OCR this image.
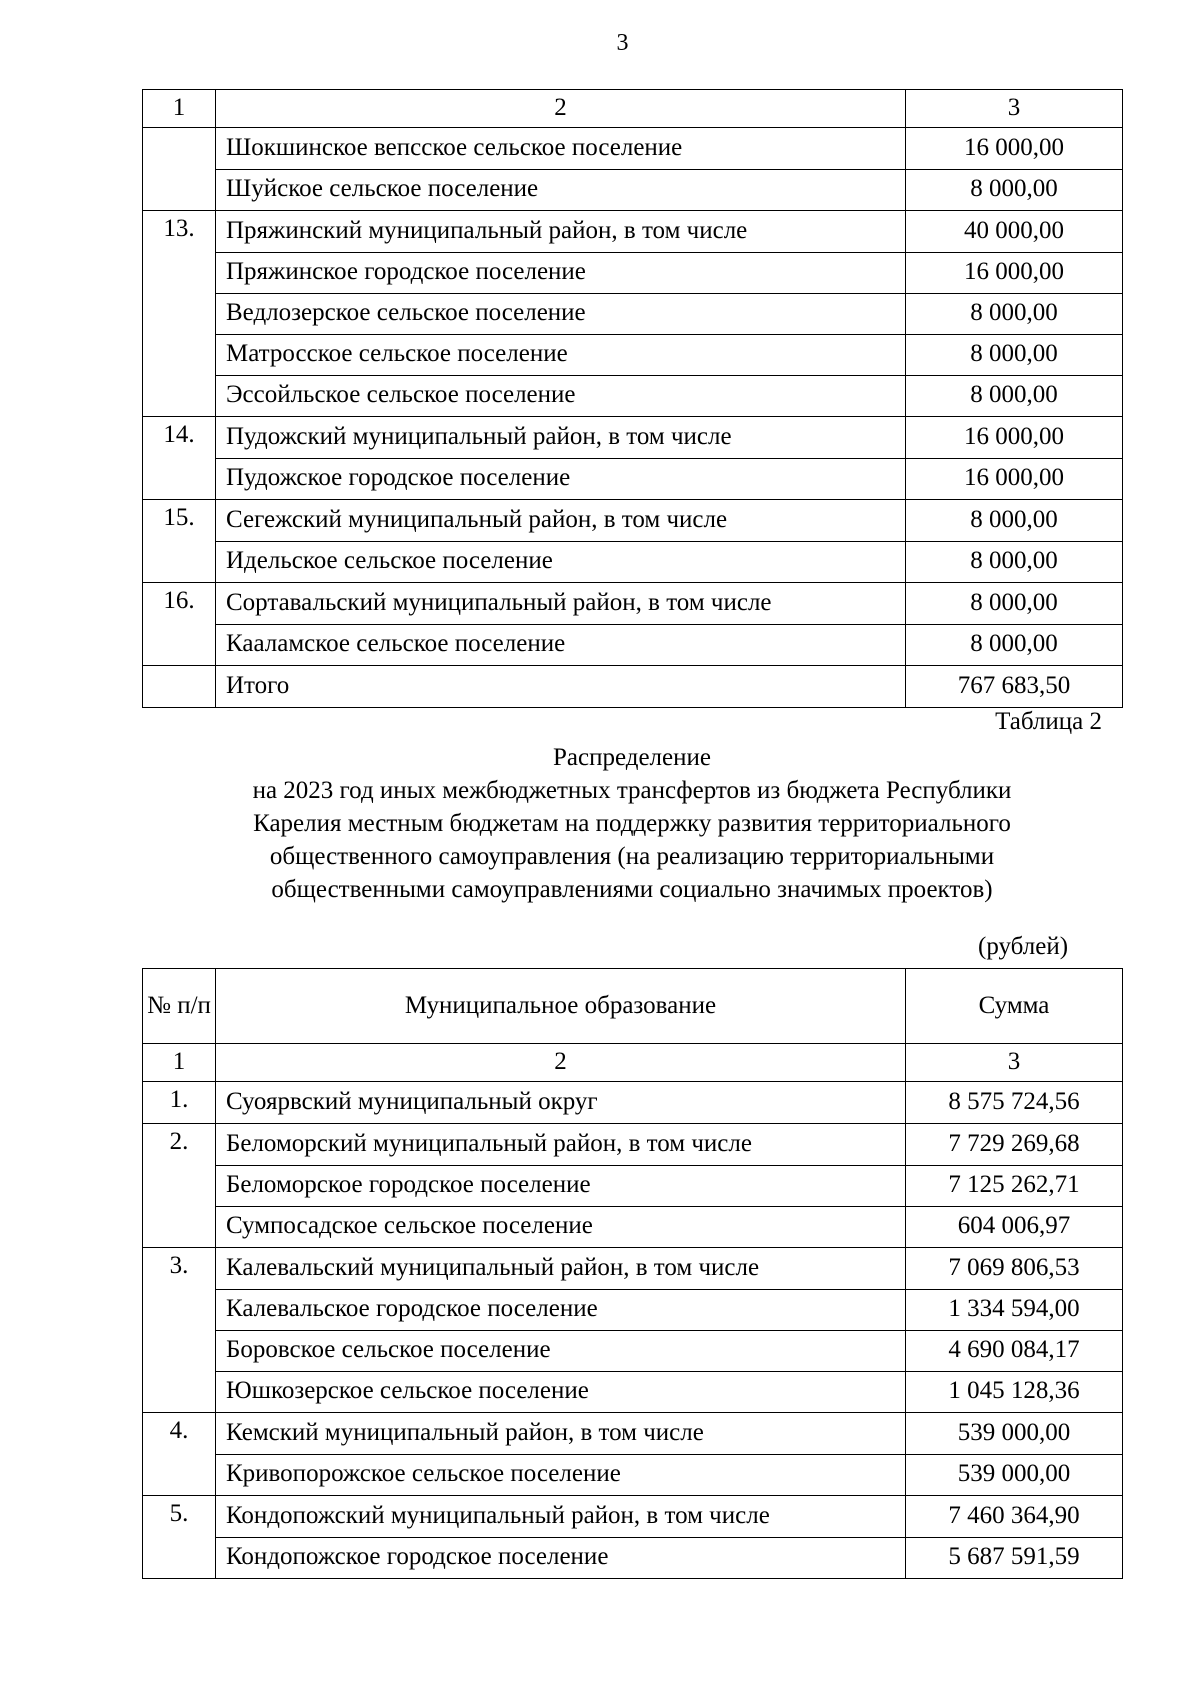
3
1	2	3
	Шокшинское вепсское сельское поселение	16 000,00
	Шуйское сельское поселение	8 000,00
13.	Пряжинский муниципальный район, в том числе	40 000,00
	Пряжинское городское поселение	16 000,00
	Ведлозерское сельское поселение	8 000,00
	Матросское сельское поселение	8 000,00
	Эссойльское сельское поселение	8 000,00
14.	Пудожский муниципальный район, в том числе	16 000,00
	Пудожское городское поселение	16 000,00
15.	Сегежский муниципальный район, в том числе	8 000,00
	Идельское сельское поселение	8 000,00
16.	Сортавальский муниципальный район, в том числе	8 000,00
	Кааламское сельское поселение	8 000,00
	Итого	767 683,50
Таблица 2
Распределение
на 2023 год иных межбюджетных трансфертов из бюджета Республики
Карелия местным бюджетам на поддержку развития территориального
общественного самоуправления (на реализацию территориальными
общественными самоуправлениями социально значимых проектов)
(рублей)
№ п/п	Муниципальное образование	Сумма
1	2	3
1.	Суоярвский муниципальный округ	8 575 724,56
2.	Беломорский муниципальный район, в том числе	7 729 269,68
	Беломорское городское поселение	7 125 262,71
	Сумпосадское сельское поселение	604 006,97
3.	Калевальский муниципальный район, в том числе	7 069 806,53
	Калевальское городское поселение	1 334 594,00
	Боровское сельское поселение	4 690 084,17
	Юшкозерское сельское поселение	1 045 128,36
4.	Кемский муниципальный район, в том числе	539 000,00
	Кривопорожское сельское поселение	539 000,00
5.	Кондопожский муниципальный район, в том числе	7 460 364,90
	Кондопожское городское поселение	5 687 591,59
